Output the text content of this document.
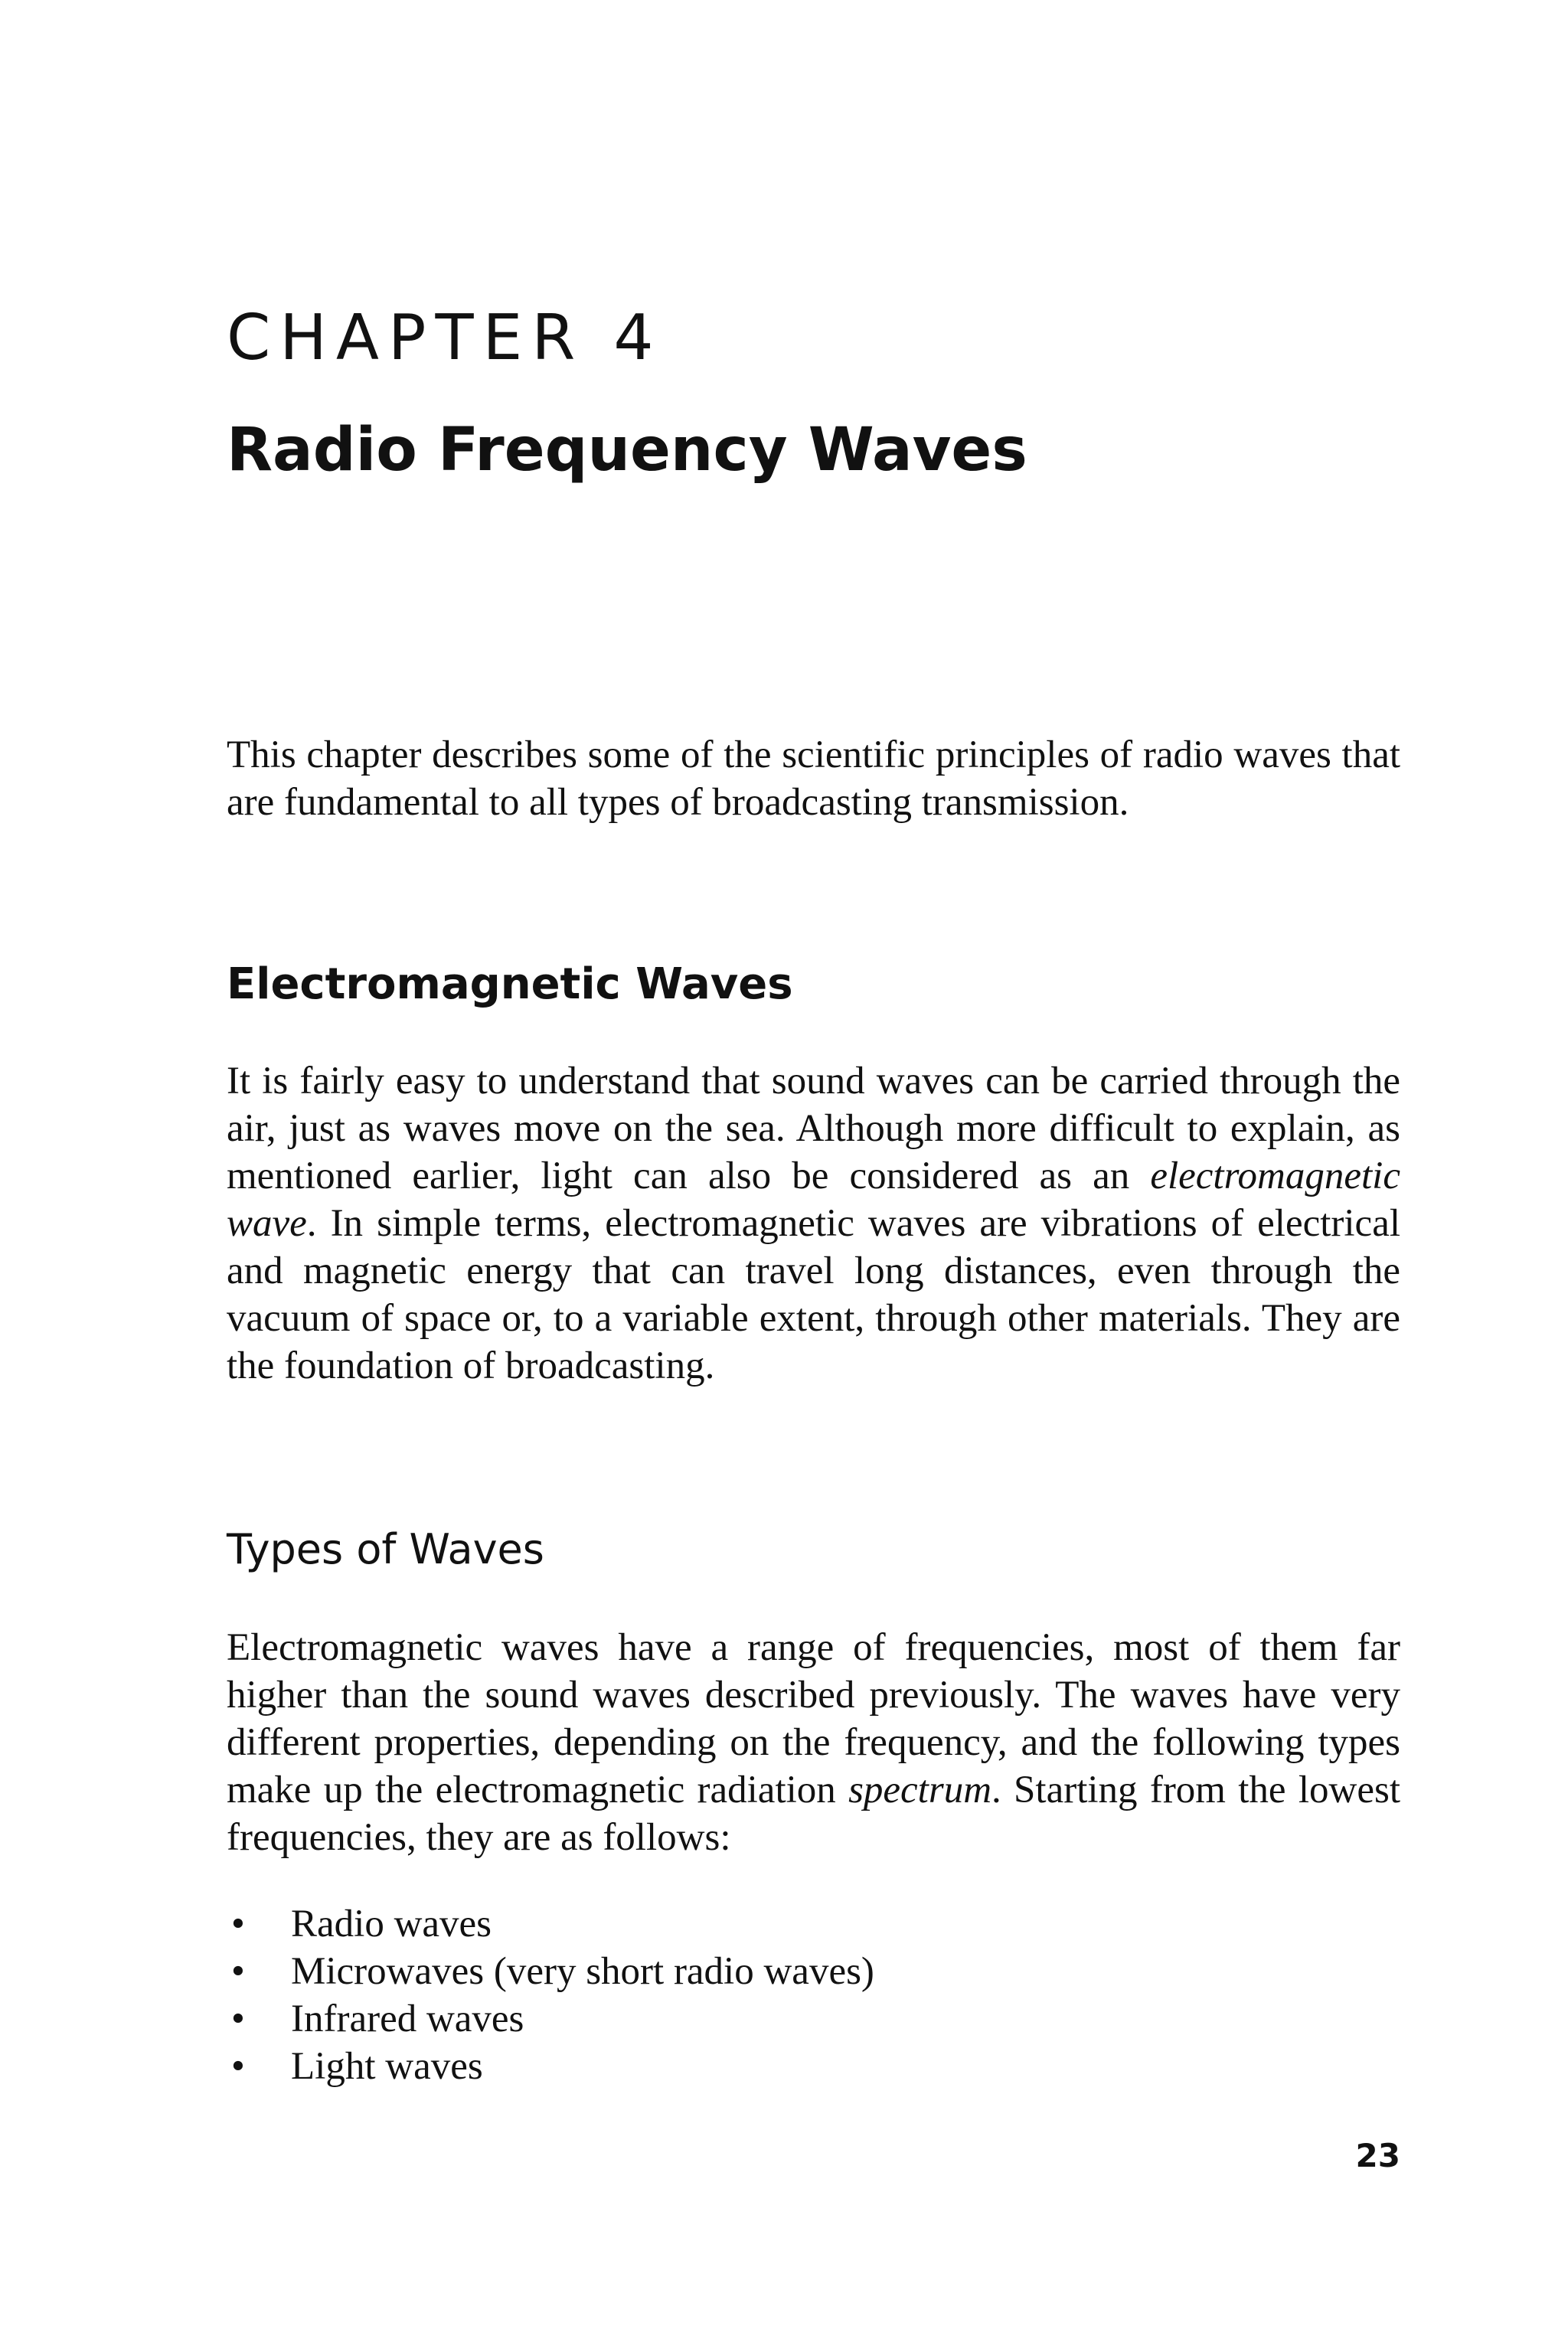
CHAPTER 4
Radio Frequency Waves

This chapter describes some of the scientific principles of radio waves that are fundamental to all types of broadcasting transmission.

Electromagnetic Waves

It is fairly easy to understand that sound waves can be carried through the air, just as waves move on the sea. Although more difficult to explain, as mentioned earlier, light can also be considered as an electromagnetic wave. In simple terms, electromagnetic waves are vibrations of electrical and magnetic energy that can travel long distances, even through the vacuum of space or, to a variable extent, through other materials. They are the foundation of broadcasting.

Types of Waves

Electromagnetic waves have a range of frequencies, most of them far higher than the sound waves described previously. The waves have very different properties, depending on the frequency, and the following types make up the electromagnetic radiation spectrum. Starting from the lowest frequencies, they are as follows:

• Radio waves
• Microwaves (very short radio waves)
• Infrared waves
• Light waves
23
